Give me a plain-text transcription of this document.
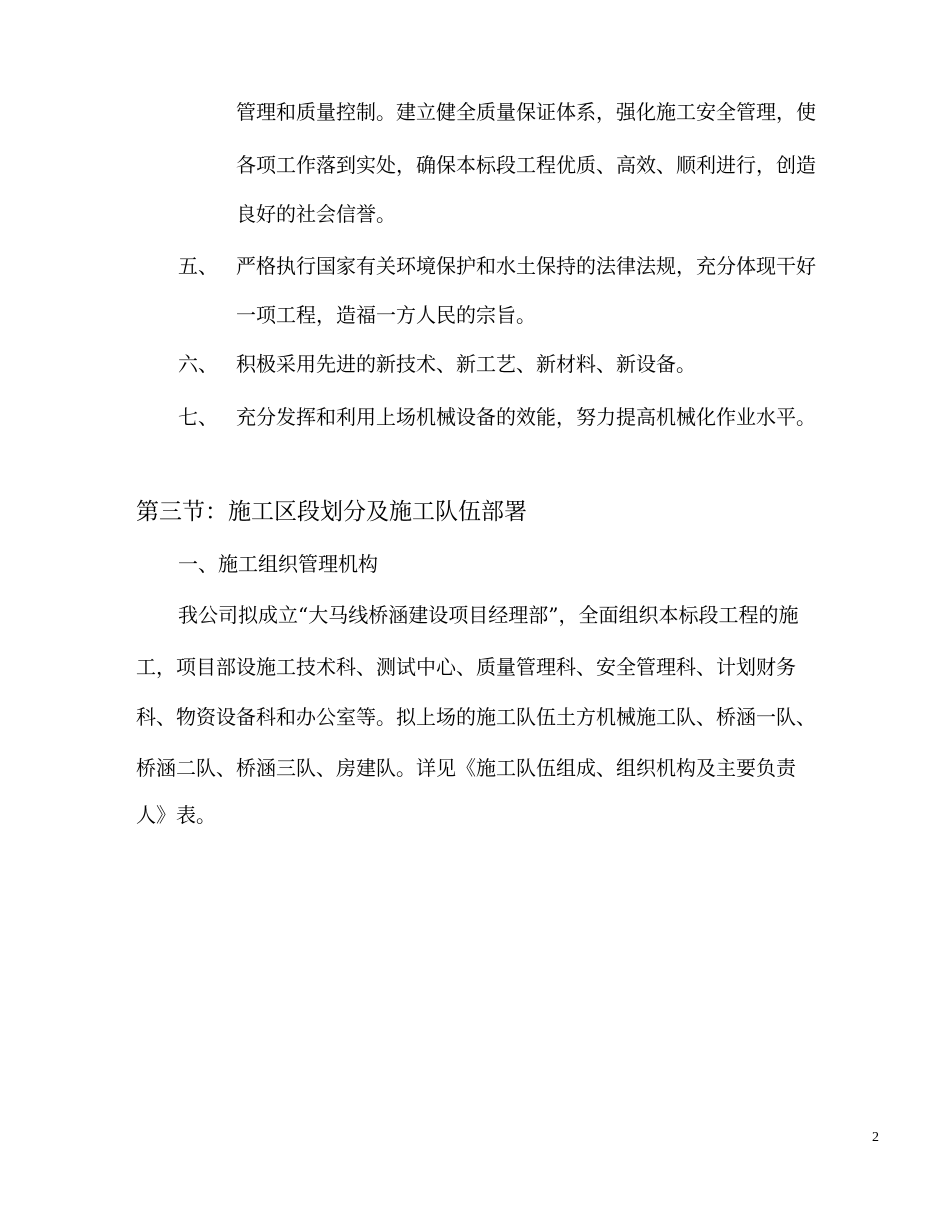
管理和质量控制。建立健全质量保证体系，强化施工安全管理，使
各项工作落到实处，确保本标段工程优质、高效、顺利进行，创造
良好的社会信誉。
五、 严格执行国家有关环境保护和水土保持的法律法规，充分体现干好
一项工程，造福一方人民的宗旨。
六、 积极采用先进的新技术、新工艺、新材料、新设备。
七、 充分发挥和利用上场机械设备的效能，努力提高机械化作业水平。
第三节：施工区段划分及施工队伍部署
一、施工组织管理机构
我公司拟成立“大马线桥涵建设项目经理部”，全面组织本标段工程的施
工，项目部设施工技术科、测试中心、质量管理科、安全管理科、计划财务
科、物资设备科和办公室等。拟上场的施工队伍土方机械施工队、桥涵一队、
桥涵二队、桥涵三队、房建队。详见《施工队伍组成、组织机构及主要负责
人》表。
2
